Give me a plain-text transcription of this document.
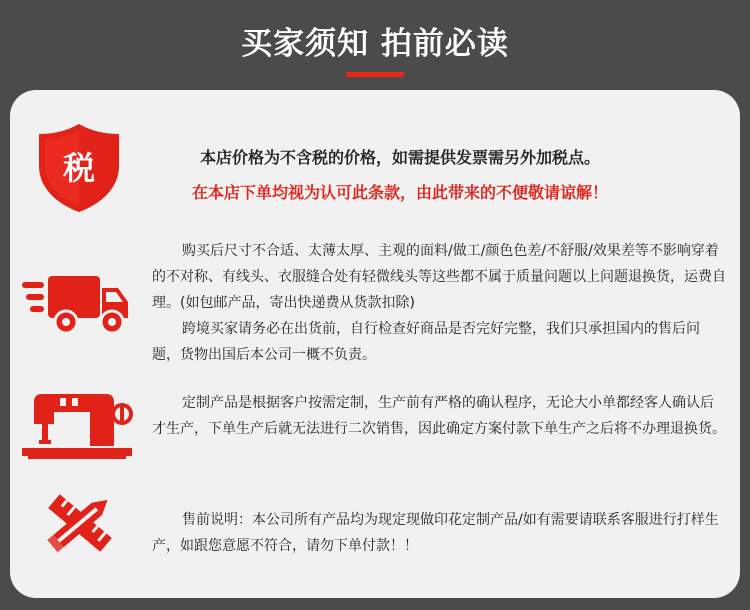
买家须知 拍前必读
税	本店价格为不含税的价格，如需提供发票需另外加税点。
在本店下单均视为认可此条款，由此带来的不便敬请谅解！
购买后尺寸不合适、太薄太厚、主观的面料/做工/颜色色差/不舒服/效果差等不影响穿着的不对称、有线头、衣服缝合处有轻微线头等这些都不属于质量问题以上问题退换货，运费自理。(如包邮产品，寄出快递费从货款扣除)
跨境买家请务必在出货前，自行检查好商品是否完好完整，我们只承担国内的售后问题，货物出国后本公司一概不负责。
定制产品是根据客户按需定制，生产前有严格的确认程序，无论大小单都经客人确认后才生产，下单生产后就无法进行二次销售，因此确定方案付款下单生产之后将不办理退换货。
售前说明：本公司所有产品均为现定现做印花定制产品/如有需要请联系客服进行打样生产，如跟您意愿不符合，请勿下单付款！！
